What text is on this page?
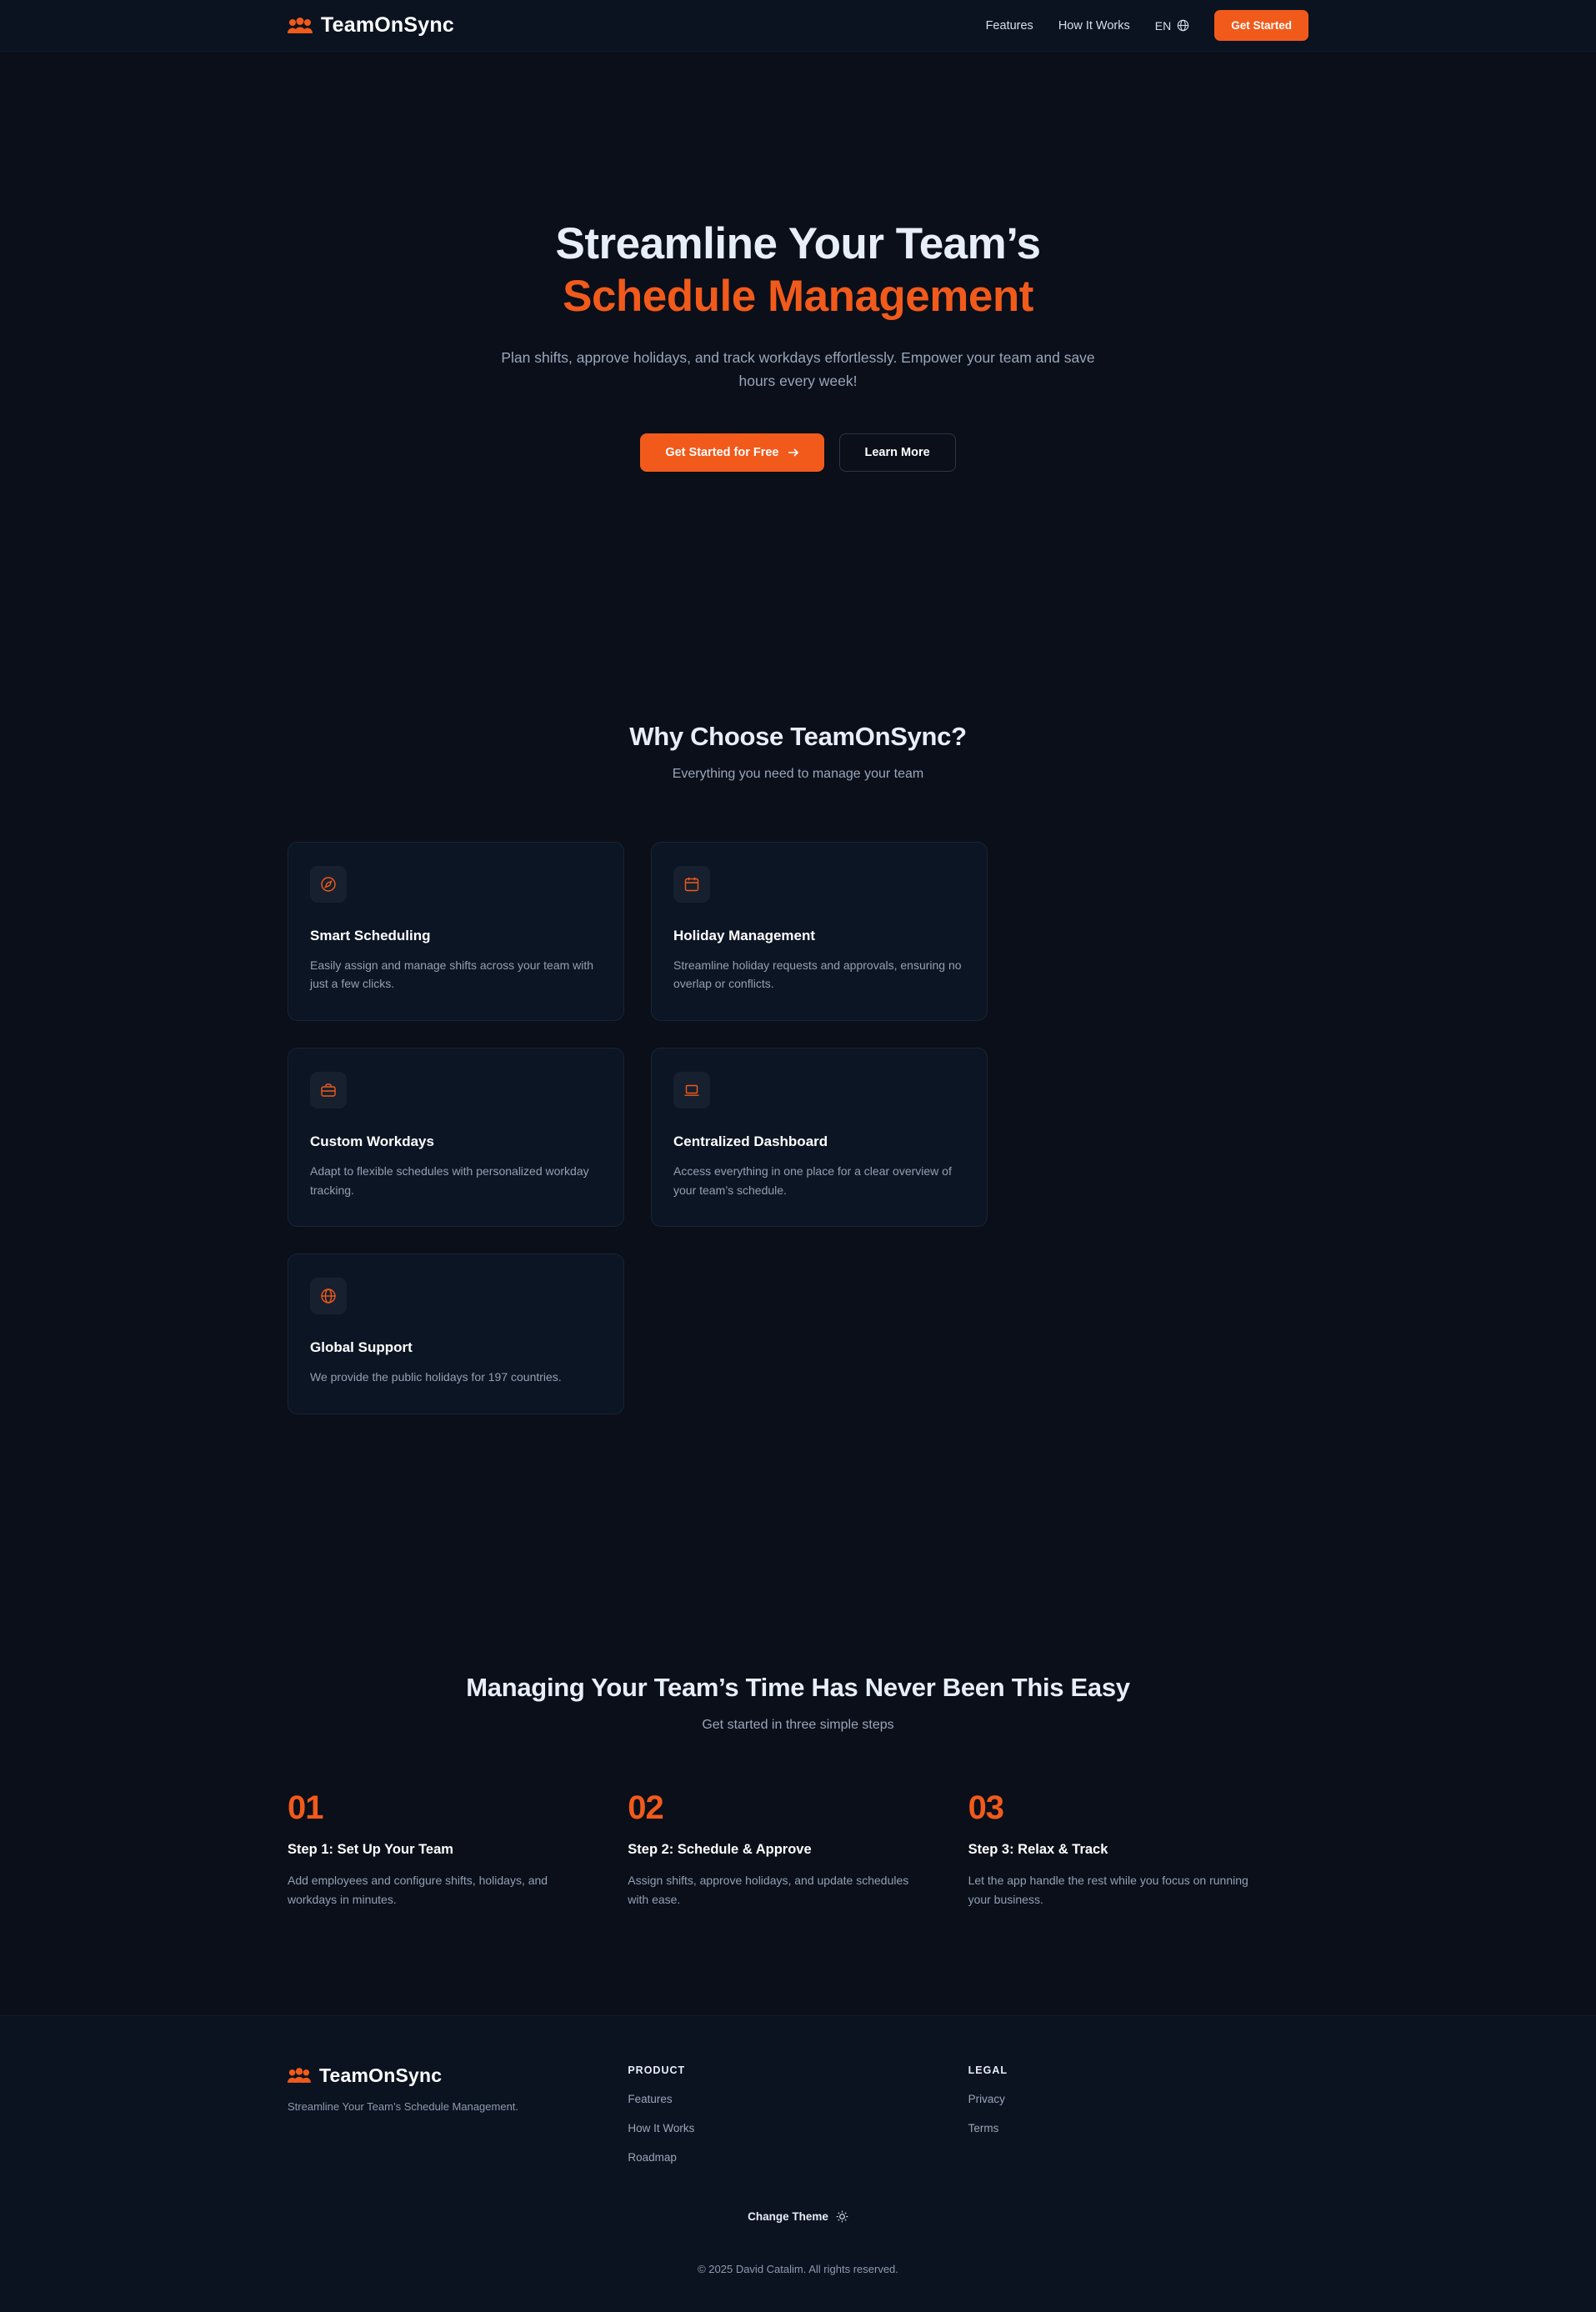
TeamOnSync	Features How It Works EN	Get Started
Streamline Your Team’s
Schedule Management

Plan shifts, approve holidays, and track workdays effortlessly. Empower your team and save hours every week!

Get Started for Free	Learn More
Why Choose TeamOnSync?
Everything you need to manage your team
Smart Scheduling

Easily assign and manage shifts across your team with just a few clicks.

Holiday Management

Streamline holiday requests and approvals, ensuring no overlap or conflicts.

Custom Workdays

Adapt to flexible schedules with personalized workday tracking.

Centralized Dashboard

Access everything in one place for a clear overview of your team’s schedule.

Global Support

We provide the public holidays for 197 countries.

Managing Your Team’s Time Has Never Been This Easy
Get started in three simple steps
01
Step 1: Set Up Your Team

Add employees and configure shifts, holidays, and workdays in minutes.

02
Step 2: Schedule & Approve

Assign shifts, approve holidays, and update schedules with ease.

03
Step 3: Relax & Track

Let the app handle the rest while you focus on running your business.

TeamOnSync
Streamline Your Team’s Schedule Management.
PRODUCT
Features
How It Works
Roadmap
LEGAL
Privacy
Terms
Change Theme
© 2025 David Catalim. All rights reserved.
